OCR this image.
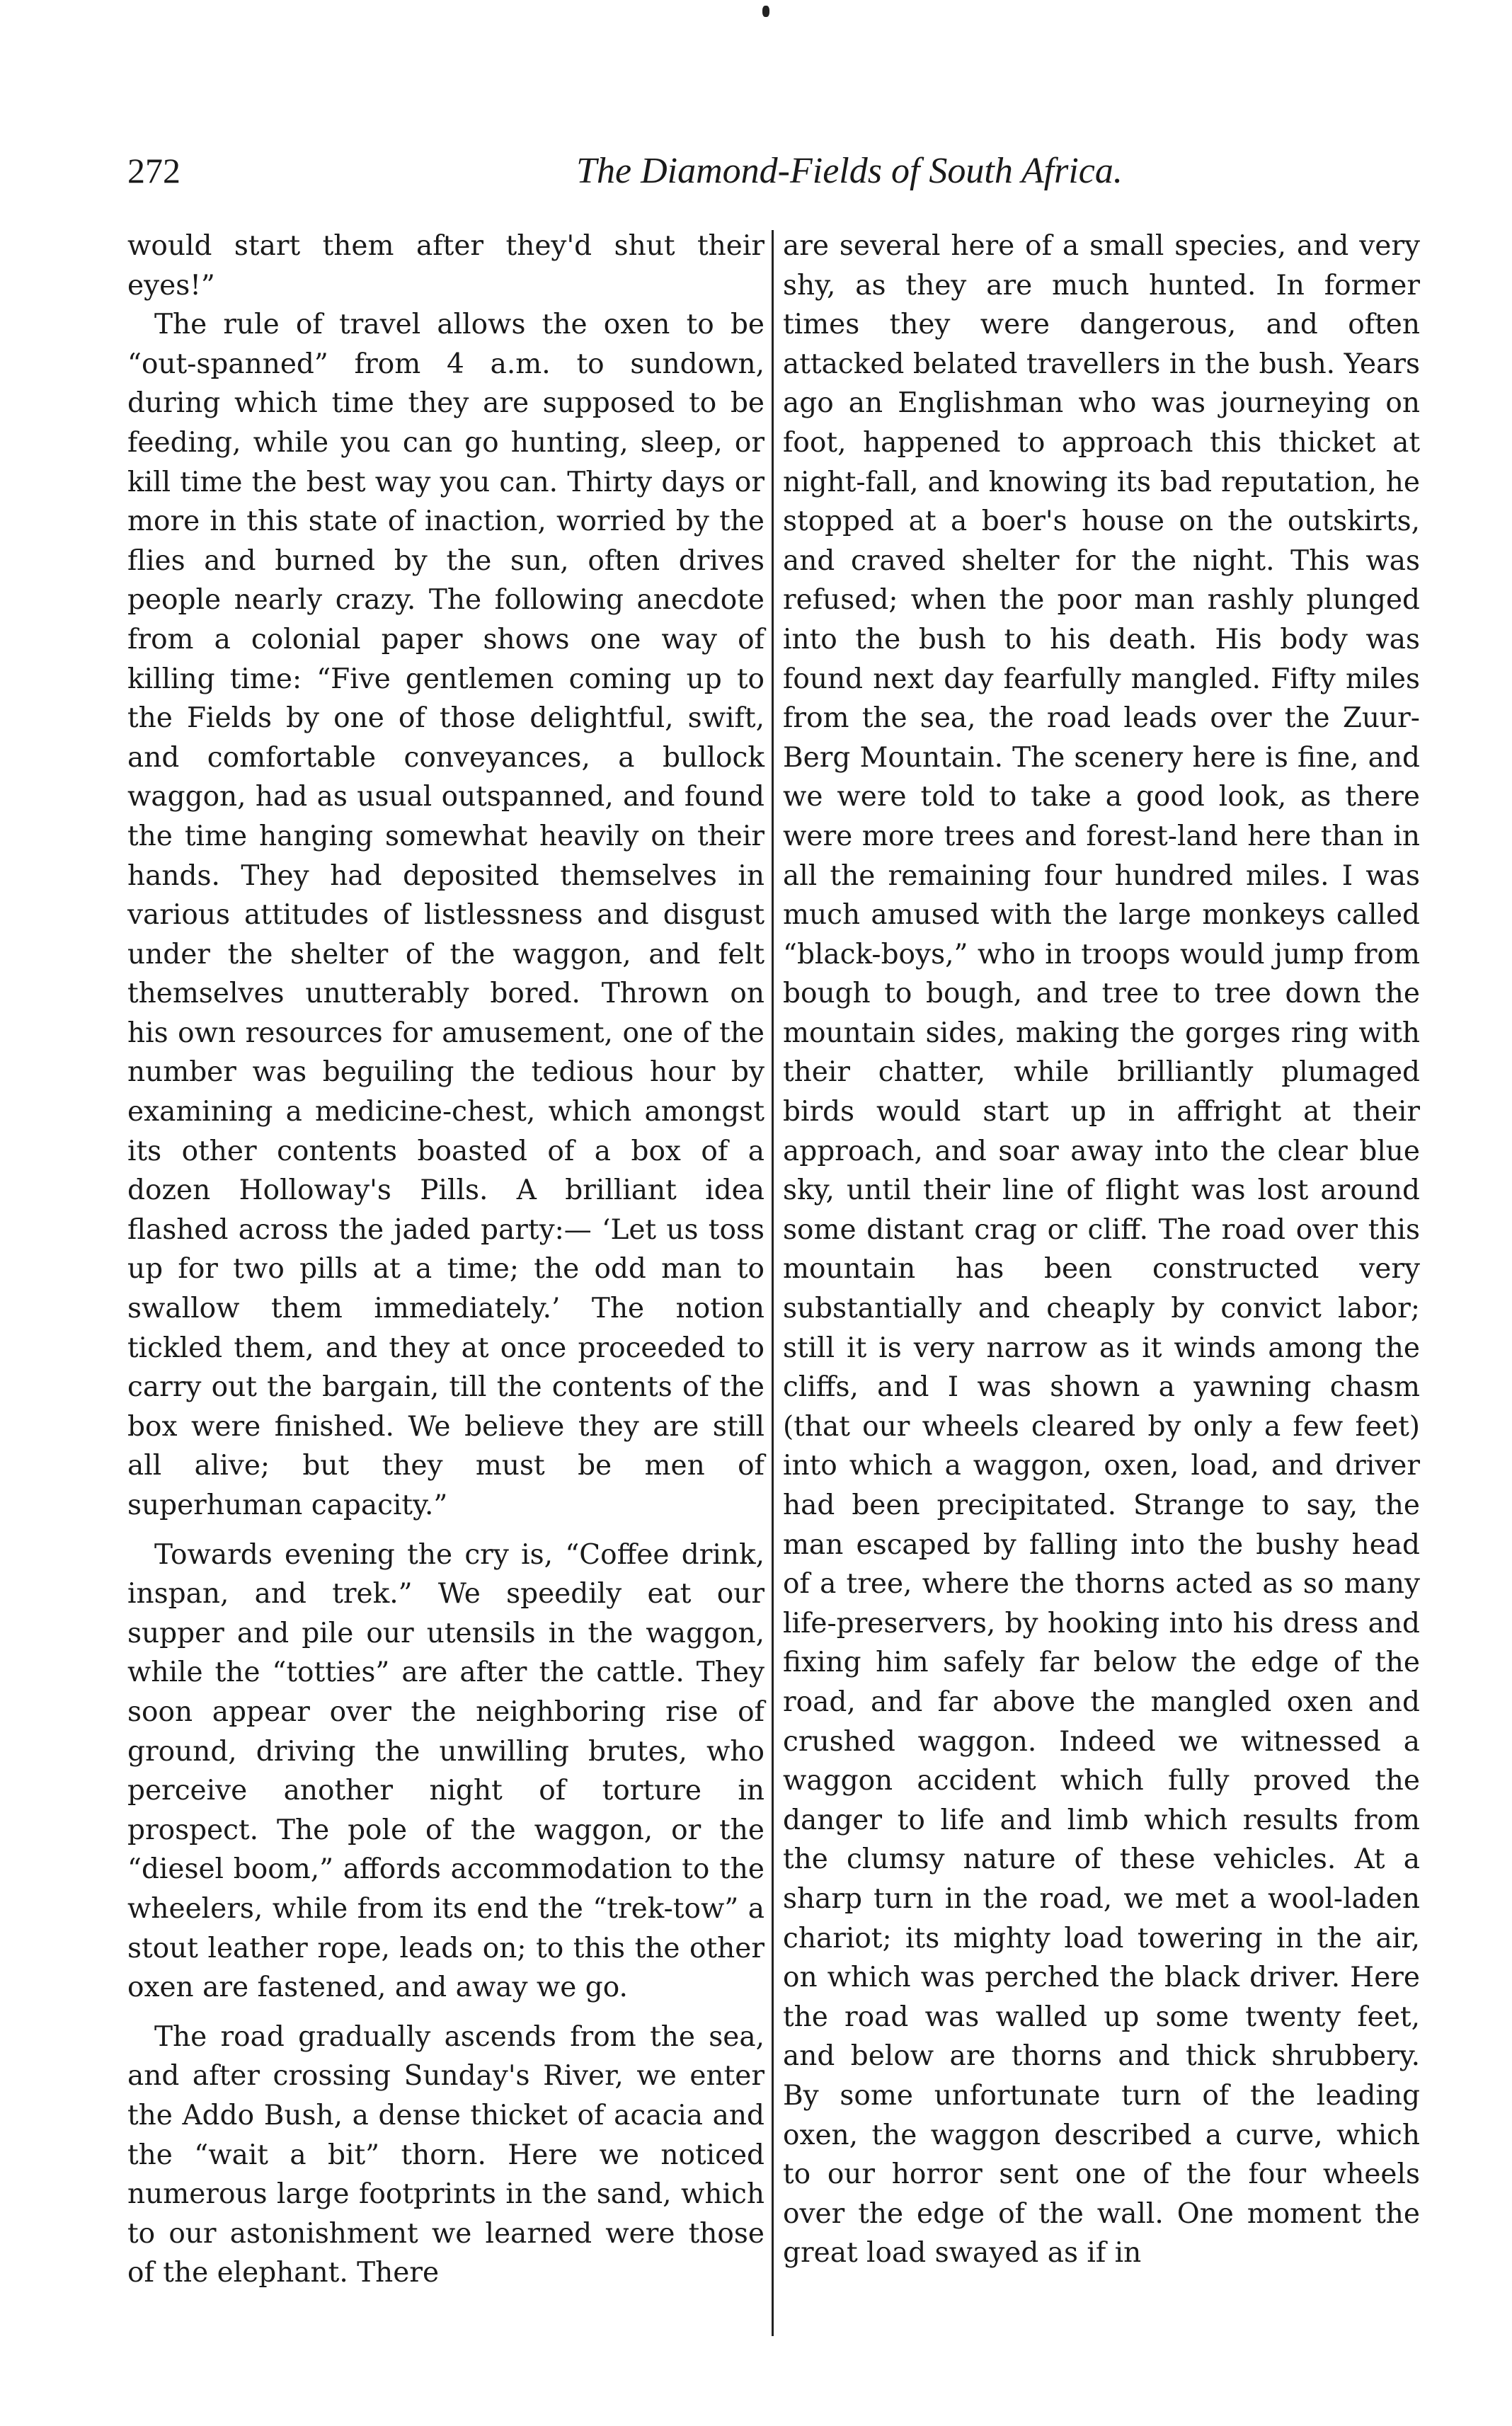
272	The Diamond-Fields of South Africa.

would start them after they'd shut their eyes!”

The rule of travel allows the oxen to be “out-spanned” from 4 a.m. to sundown, during which time they are supposed to be feeding, while you can go hunting, sleep, or kill time the best way you can. Thirty days or more in this state of inaction, worried by the flies and burned by the sun, often drives people nearly crazy. The following anecdote from a colonial paper shows one way of killing time: “Five gentlemen coming up to the Fields by one of those delightful, swift, and comfortable conveyances, a bullock waggon, had as usual outspanned, and found the time hanging somewhat heavily on their hands. They had deposited themselves in various attitudes of listlessness and disgust under the shelter of the waggon, and felt themselves unutterably bored. Thrown on his own resources for amusement, one of the number was beguiling the tedious hour by examining a medicine-chest, which amongst its other contents boasted of a box of a dozen Holloway's Pills. A brilliant idea flashed across the jaded party:— ‘Let us toss up for two pills at a time; the odd man to swallow them immediately.’ The notion tickled them, and they at once proceeded to carry out the bargain, till the contents of the box were finished. We believe they are still all alive; but they must be men of superhuman capacity.”

Towards evening the cry is, “Coffee drink, inspan, and trek.” We speedily eat our supper and pile our utensils in the waggon, while the “totties” are after the cattle. They soon appear over the neighboring rise of ground, driving the unwilling brutes, who perceive another night of torture in prospect. The pole of the waggon, or the “diesel boom,” affords accommodation to the wheelers, while from its end the “trek-tow” a stout leather rope, leads on; to this the other oxen are fastened, and away we go.

The road gradually ascends from the sea, and after crossing Sunday's River, we enter the Addo Bush, a dense thicket of acacia and the “wait a bit” thorn. Here we noticed numerous large footprints in the sand, which to our astonishment we learned were those of the elephant. There

are several here of a small species, and very shy, as they are much hunted. In former times they were dangerous, and often attacked belated travellers in the bush. Years ago an Englishman who was journeying on foot, happened to approach this thicket at night-fall, and knowing its bad reputation, he stopped at a boer's house on the outskirts, and craved shelter for the night. This was refused; when the poor man rashly plunged into the bush to his death. His body was found next day fearfully mangled. Fifty miles from the sea, the road leads over the Zuur-Berg Mountain. The scenery here is fine, and we were told to take a good look, as there were more trees and forest-land here than in all the remaining four hundred miles. I was much amused with the large monkeys called “black-boys,” who in troops would jump from bough to bough, and tree to tree down the mountain sides, making the gorges ring with their chatter, while brilliantly plumaged birds would start up in affright at their approach, and soar away into the clear blue sky, until their line of flight was lost around some distant crag or cliff. The road over this mountain has been constructed very substantially and cheaply by convict labor; still it is very narrow as it winds among the cliffs, and I was shown a yawning chasm (that our wheels cleared by only a few feet) into which a waggon, oxen, load, and driver had been precipitated. Strange to say, the man escaped by falling into the bushy head of a tree, where the thorns acted as so many life-preservers, by hooking into his dress and fixing him safely far below the edge of the road, and far above the mangled oxen and crushed waggon. Indeed we witnessed a waggon accident which fully proved the danger to life and limb which results from the clumsy nature of these vehicles. At a sharp turn in the road, we met a wool-laden chariot; its mighty load towering in the air, on which was perched the black driver. Here the road was walled up some twenty feet, and below are thorns and thick shrubbery. By some unfortunate turn of the leading oxen, the waggon described a curve, which to our horror sent one of the four wheels over the edge of the wall. One moment the great load swayed as if in
